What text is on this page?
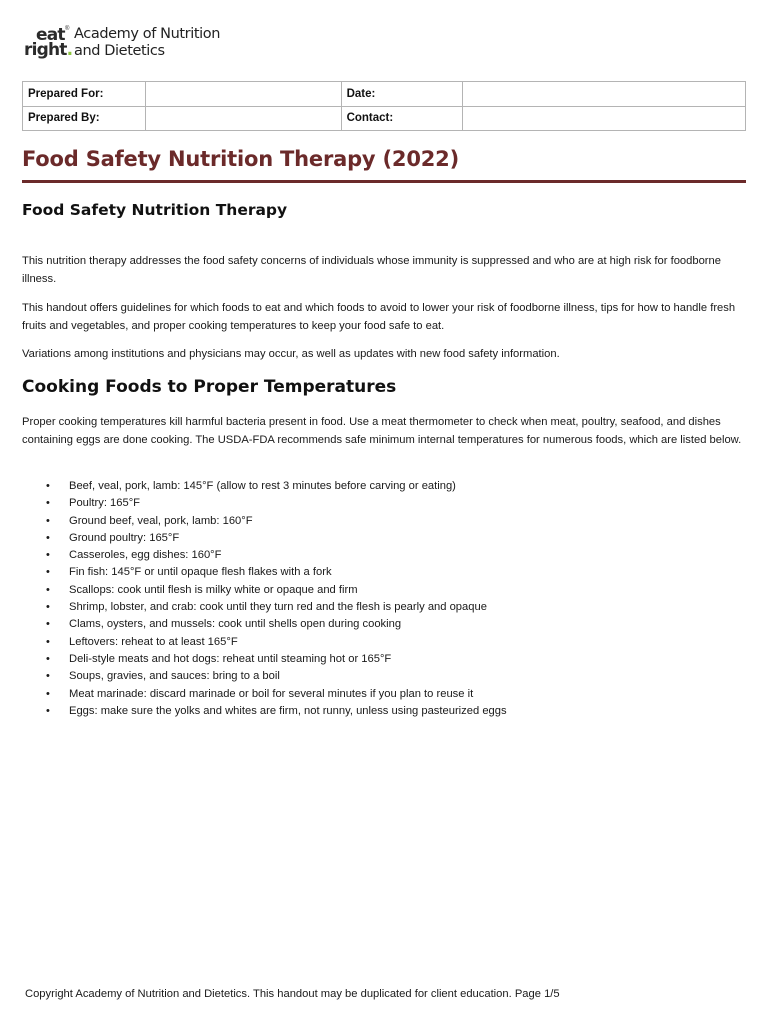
eat
right.
® Academy of Nutrition
and Dietetics
Prepared For:		Date:	
Prepared By:		Contact:	
Food Safety Nutrition Therapy (2022)
Food Safety Nutrition Therapy

This nutrition therapy addresses the food safety concerns of individuals whose immunity is suppressed and who are at high risk for foodborne illness.

This handout offers guidelines for which foods to eat and which foods to avoid to lower your risk of foodborne illness, tips for how to handle fresh fruits and vegetables, and proper cooking temperatures to keep your food safe to eat.

Variations among institutions and physicians may occur, as well as updates with new food safety information.

Cooking Foods to Proper Temperatures

Proper cooking temperatures kill harmful bacteria present in food. Use a meat thermometer to check when meat, poultry, seafood, and dishes containing eggs are done cooking. The USDA-FDA recommends safe minimum internal temperatures for numerous foods, which are listed below.

• Beef, veal, pork, lamb: 145°F (allow to rest 3 minutes before carving or eating)
• Poultry: 165°F
• Ground beef, veal, pork, lamb: 160°F
• Ground poultry: 165°F
• Casseroles, egg dishes: 160°F
• Fin fish: 145°F or until opaque flesh flakes with a fork
• Scallops: cook until flesh is milky white or opaque and firm
• Shrimp, lobster, and crab: cook until they turn red and the flesh is pearly and opaque
• Clams, oysters, and mussels: cook until shells open during cooking
• Leftovers: reheat to at least 165°F
• Deli-style meats and hot dogs: reheat until steaming hot or 165°F
• Soups, gravies, and sauces: bring to a boil
• Meat marinade: discard marinade or boil for several minutes if you plan to reuse it
• Eggs: make sure the yolks and whites are firm, not runny, unless using pasteurized eggs
Copyright Academy of Nutrition and Dietetics. This handout may be duplicated for client education. Page 1/5
